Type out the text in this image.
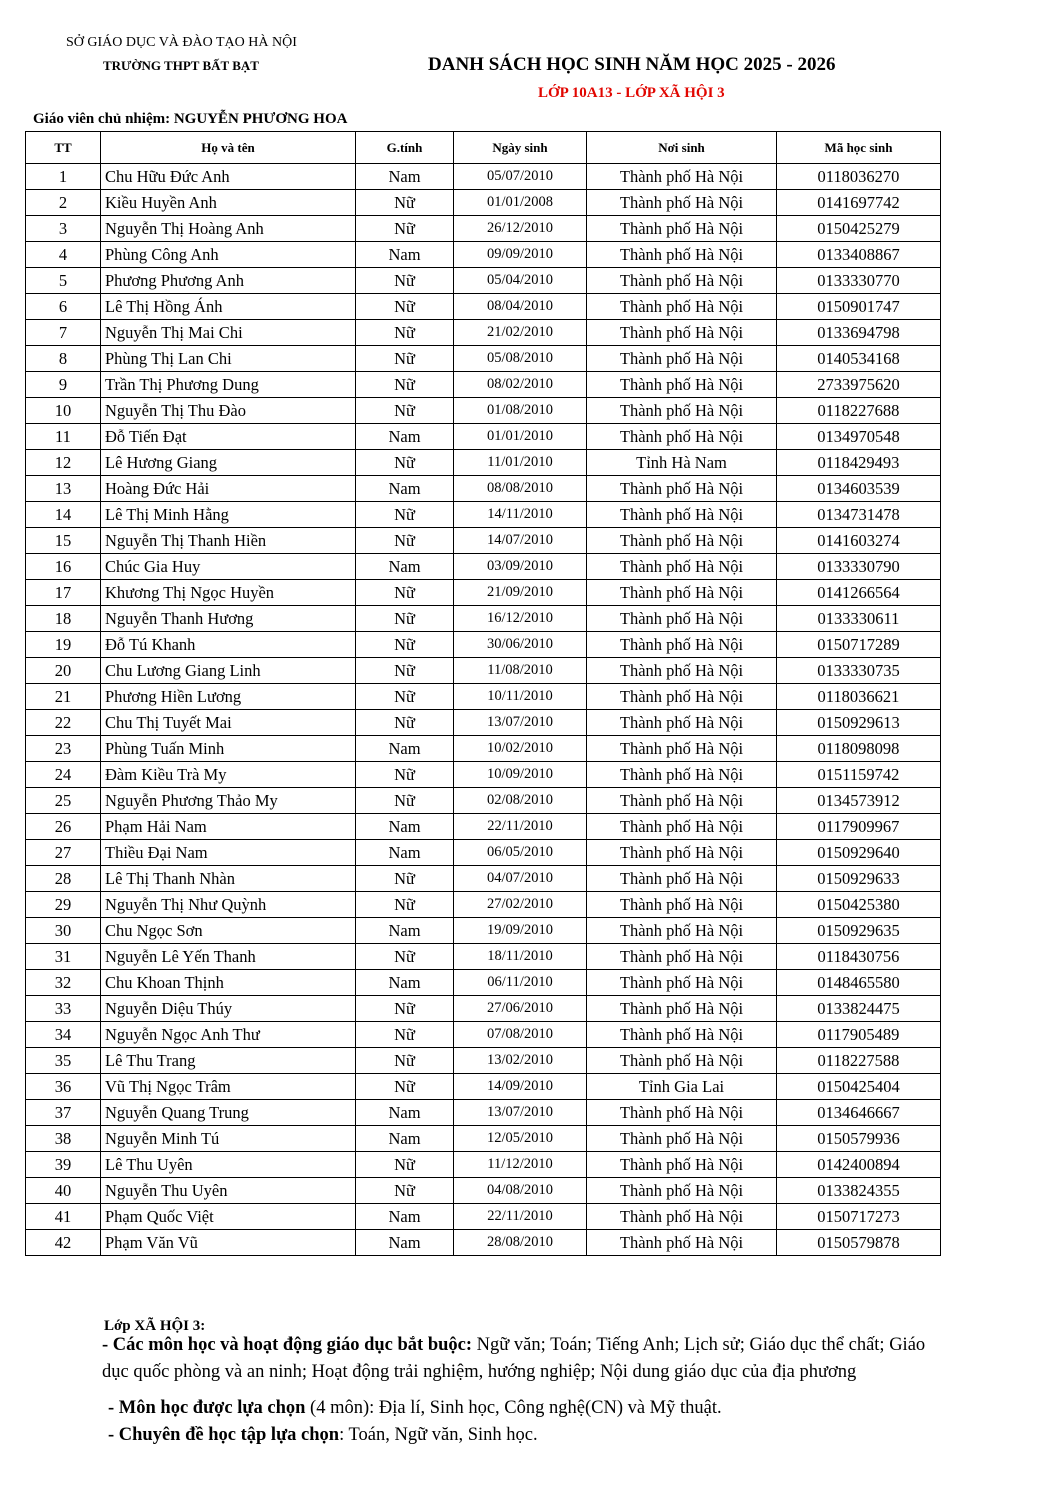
SỞ GIÁO DỤC VÀ ĐÀO TẠO HÀ NỘI
TRƯỜNG THPT BẤT BẠT	DANH SÁCH HỌC SINH NĂM HỌC 2025 - 2026
LỚP 10A13 - LỚP XÃ HỘI 3
Giáo viên chủ nhiệm: NGUYỄN PHƯƠNG HOA
TT	Họ và tên	G.tính	Ngày sinh	Nơi sinh	Mã học sinh
1	Chu Hữu Đức Anh	Nam	05/07/2010	Thành phố Hà Nội	0118036270
2	Kiều Huyền Anh	Nữ	01/01/2008	Thành phố Hà Nội	0141697742
3	Nguyễn Thị Hoàng Anh	Nữ	26/12/2010	Thành phố Hà Nội	0150425279
4	Phùng Công Anh	Nam	09/09/2010	Thành phố Hà Nội	0133408867
5	Phương Phương Anh	Nữ	05/04/2010	Thành phố Hà Nội	0133330770
6	Lê Thị Hồng Ánh	Nữ	08/04/2010	Thành phố Hà Nội	0150901747
7	Nguyễn Thị Mai Chi	Nữ	21/02/2010	Thành phố Hà Nội	0133694798
8	Phùng Thị Lan Chi	Nữ	05/08/2010	Thành phố Hà Nội	0140534168
9	Trần Thị Phương Dung	Nữ	08/02/2010	Thành phố Hà Nội	2733975620
10	Nguyễn Thị Thu Đào	Nữ	01/08/2010	Thành phố Hà Nội	0118227688
11	Đỗ Tiến Đạt	Nam	01/01/2010	Thành phố Hà Nội	0134970548
12	Lê Hương Giang	Nữ	11/01/2010	Tỉnh Hà Nam	0118429493
13	Hoàng Đức Hải	Nam	08/08/2010	Thành phố Hà Nội	0134603539
14	Lê Thị Minh Hằng	Nữ	14/11/2010	Thành phố Hà Nội	0134731478
15	Nguyễn Thị Thanh Hiền	Nữ	14/07/2010	Thành phố Hà Nội	0141603274
16	Chúc Gia Huy	Nam	03/09/2010	Thành phố Hà Nội	0133330790
17	Khương Thị Ngọc Huyền	Nữ	21/09/2010	Thành phố Hà Nội	0141266564
18	Nguyễn Thanh Hương	Nữ	16/12/2010	Thành phố Hà Nội	0133330611
19	Đỗ Tú Khanh	Nữ	30/06/2010	Thành phố Hà Nội	0150717289
20	Chu Lương Giang Linh	Nữ	11/08/2010	Thành phố Hà Nội	0133330735
21	Phương Hiền Lương	Nữ	10/11/2010	Thành phố Hà Nội	0118036621
22	Chu Thị Tuyết Mai	Nữ	13/07/2010	Thành phố Hà Nội	0150929613
23	Phùng Tuấn Minh	Nam	10/02/2010	Thành phố Hà Nội	0118098098
24	Đàm Kiều Trà My	Nữ	10/09/2010	Thành phố Hà Nội	0151159742
25	Nguyễn Phương Thảo My	Nữ	02/08/2010	Thành phố Hà Nội	0134573912
26	Phạm Hải Nam	Nam	22/11/2010	Thành phố Hà Nội	0117909967
27	Thiều Đại Nam	Nam	06/05/2010	Thành phố Hà Nội	0150929640
28	Lê Thị Thanh Nhàn	Nữ	04/07/2010	Thành phố Hà Nội	0150929633
29	Nguyễn Thị Như Quỳnh	Nữ	27/02/2010	Thành phố Hà Nội	0150425380
30	Chu Ngọc Sơn	Nam	19/09/2010	Thành phố Hà Nội	0150929635
31	Nguyễn Lê Yến Thanh	Nữ	18/11/2010	Thành phố Hà Nội	0118430756
32	Chu Khoan Thịnh	Nam	06/11/2010	Thành phố Hà Nội	0148465580
33	Nguyễn Diệu Thúy	Nữ	27/06/2010	Thành phố Hà Nội	0133824475
34	Nguyễn Ngọc Anh Thư	Nữ	07/08/2010	Thành phố Hà Nội	0117905489
35	Lê Thu Trang	Nữ	13/02/2010	Thành phố Hà Nội	0118227588
36	Vũ Thị Ngọc Trâm	Nữ	14/09/2010	Tỉnh Gia Lai	0150425404
37	Nguyễn Quang Trung	Nam	13/07/2010	Thành phố Hà Nội	0134646667
38	Nguyễn Minh Tú	Nam	12/05/2010	Thành phố Hà Nội	0150579936
39	Lê Thu Uyên	Nữ	11/12/2010	Thành phố Hà Nội	0142400894
40	Nguyễn Thu Uyên	Nữ	04/08/2010	Thành phố Hà Nội	0133824355
41	Phạm Quốc Việt	Nam	22/11/2010	Thành phố Hà Nội	0150717273
42	Phạm Văn Vũ	Nam	28/08/2010	Thành phố Hà Nội	0150579878
Lớp XÃ HỘI 3:
- Các môn học và hoạt động giáo dục bắt buộc: Ngữ văn; Toán; Tiếng Anh; Lịch sử; Giáo dục thể chất; Giáo dục quốc phòng và an ninh; Hoạt động trải nghiệm, hướng nghiệp; Nội dung giáo dục của địa phương
- Môn học được lựa chọn (4 môn): Địa lí, Sinh học, Công nghệ(CN) và Mỹ thuật.
- Chuyên đề học tập lựa chọn: Toán, Ngữ văn, Sinh học.
